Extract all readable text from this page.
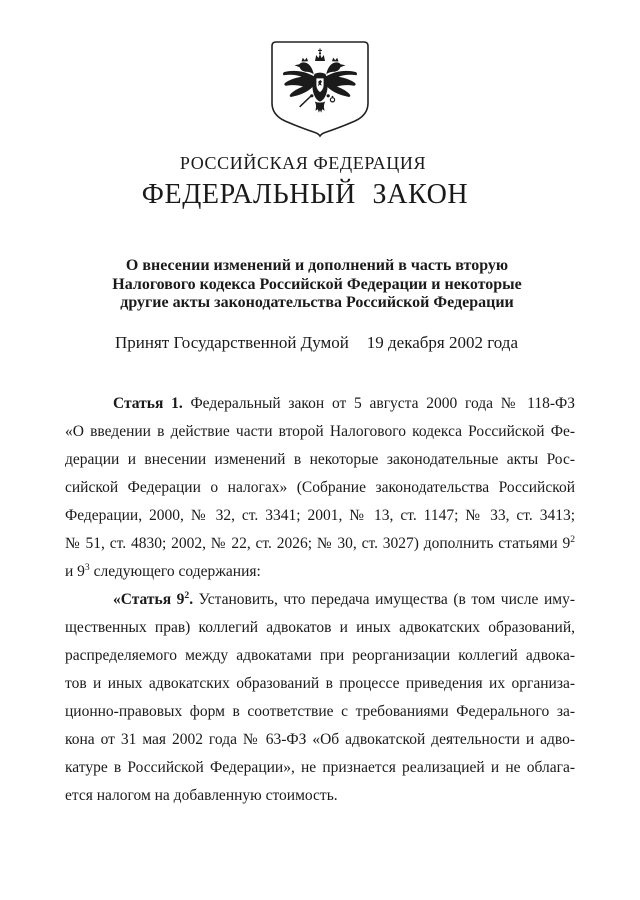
РОССИЙСКАЯ ФЕДЕРАЦИЯ
ФЕДЕРАЛЬНЫЙ ЗАКОН
О внесении изменений и дополнений в часть вторую
Налогового кодекса Российской Федерации и некоторые
другие акты законодательства Российской Федерации
Принят Государственной Думой 19 декабря 2002 года
Статья 1. Федеральный закон от 5 августа 2000 года № 118-ФЗ
«О введении в действие части второй Налогового кодекса Российской Фе-
дерации и внесении изменений в некоторые законодательные акты Рос-
сийской Федерации о налогах» (Собрание законодательства Российской
Федерации, 2000, № 32, ст. 3341; 2001, № 13, ст. 1147; № 33, ст. 3413;
№ 51, ст. 4830; 2002, № 22, ст. 2026; № 30, ст. 3027) дополнить статьями $9^2$
и $9^3$ следующего содержания:
«Статья $9^2$. Установить, что передача имущества (в том числе иму-
щественных прав) коллегий адвокатов и иных адвокатских образований,
распределяемого между адвокатами при реорганизации коллегий адвока-
тов и иных адвокатских образований в процессе приведения их организа-
ционно-правовых форм в соответствие с требованиями Федерального за-
кона от 31 мая 2002 года № 63-ФЗ «Об адвокатской деятельности и адво-
катуре в Российской Федерации», не признается реализацией и не облага-
ется налогом на добавленную стоимость.
